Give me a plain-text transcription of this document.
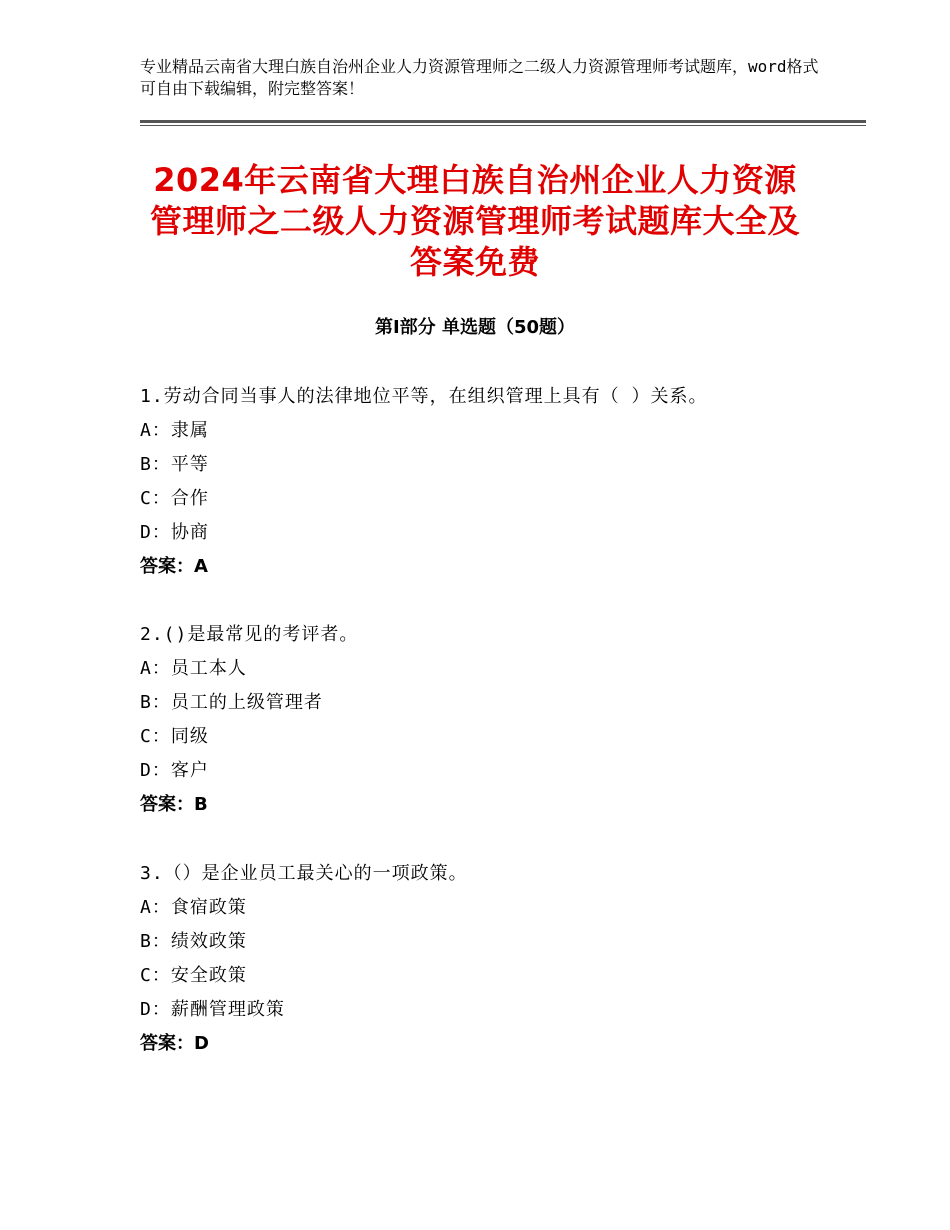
专业精品云南省大理白族自治州企业人力资源管理师之二级人力资源管理师考试题库，word格式可自由下载编辑，附完整答案！
2024年云南省大理白族自治州企业人力资源管理师之二级人力资源管理师考试题库大全及答案免费
第Ⅰ部分 单选题（50题）
1.劳动合同当事人的法律地位平等，在组织管理上具有（ ）关系。
A：隶属
B：平等
C：合作
D：协商
答案：A
2.()是最常见的考评者。
A：员工本人
B：员工的上级管理者
C：同级
D：客户
答案：B
3.（）是企业员工最关心的一项政策。
A：食宿政策
B：绩效政策
C：安全政策
D：薪酬管理政策
答案：D
